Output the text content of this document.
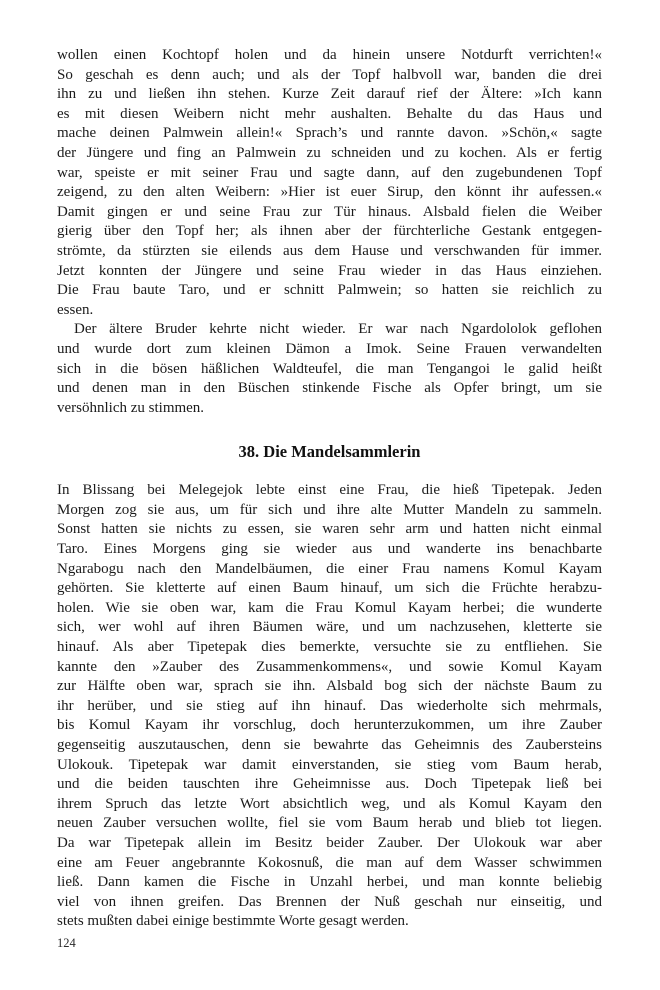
wollen einen Kochtopf holen und da hinein unsere Notdurft verrichten!«
So geschah es denn auch; und als der Topf halbvoll war, banden die drei
ihn zu und ließen ihn stehen. Kurze Zeit darauf rief der Ältere: »Ich kann
es mit diesen Weibern nicht mehr aushalten. Behalte du das Haus und
mache deinen Palmwein allein!« Sprach’s und rannte davon. »Schön,« sagte
der Jüngere und fing an Palmwein zu schneiden und zu kochen. Als er fertig
war, speiste er mit seiner Frau und sagte dann, auf den zugebundenen Topf
zeigend, zu den alten Weibern: »Hier ist euer Sirup, den könnt ihr aufessen.«
Damit gingen er und seine Frau zur Tür hinaus. Alsbald fielen die Weiber
gierig über den Topf her; als ihnen aber der fürchterliche Gestank entgegen-
strömte, da stürzten sie eilends aus dem Hause und verschwanden für immer.
Jetzt konnten der Jüngere und seine Frau wieder in das Haus einziehen.
Die Frau baute Taro, und er schnitt Palmwein; so hatten sie reichlich zu
essen.
Der ältere Bruder kehrte nicht wieder. Er war nach Ngardololok geflohen
und wurde dort zum kleinen Dämon a Imok. Seine Frauen verwandelten
sich in die bösen häßlichen Waldteufel, die man Tengangoi le galid heißt
und denen man in den Büschen stinkende Fische als Opfer bringt, um sie
versöhnlich zu stimmen.
38. Die Mandelsammlerin
In Blissang bei Melegejok lebte einst eine Frau, die hieß Tipetepak. Jeden
Morgen zog sie aus, um für sich und ihre alte Mutter Mandeln zu sammeln.
Sonst hatten sie nichts zu essen, sie waren sehr arm und hatten nicht einmal
Taro. Eines Morgens ging sie wieder aus und wanderte ins benachbarte
Ngarabogu nach den Mandelbäumen, die einer Frau namens Komul Kayam
gehörten. Sie kletterte auf einen Baum hinauf, um sich die Früchte herabzu-
holen. Wie sie oben war, kam die Frau Komul Kayam herbei; die wunderte
sich, wer wohl auf ihren Bäumen wäre, und um nachzusehen, kletterte sie
hinauf. Als aber Tipetepak dies bemerkte, versuchte sie zu entfliehen. Sie
kannte den »Zauber des Zusammenkommens«, und sowie Komul Kayam
zur Hälfte oben war, sprach sie ihn. Alsbald bog sich der nächste Baum zu
ihr herüber, und sie stieg auf ihn hinauf. Das wiederholte sich mehrmals,
bis Komul Kayam ihr vorschlug, doch herunterzukommen, um ihre Zauber
gegenseitig auszutauschen, denn sie bewahrte das Geheimnis des Zaubersteins
Ulokouk. Tipetepak war damit einverstanden, sie stieg vom Baum herab,
und die beiden tauschten ihre Geheimnisse aus. Doch Tipetepak ließ bei
ihrem Spruch das letzte Wort absichtlich weg, und als Komul Kayam den
neuen Zauber versuchen wollte, fiel sie vom Baum herab und blieb tot liegen.
Da war Tipetepak allein im Besitz beider Zauber. Der Ulokouk war aber
eine am Feuer angebrannte Kokosnuß, die man auf dem Wasser schwimmen
ließ. Dann kamen die Fische in Unzahl herbei, und man konnte beliebig
viel von ihnen greifen. Das Brennen der Nuß geschah nur einseitig, und
stets mußten dabei einige bestimmte Worte gesagt werden.
124
